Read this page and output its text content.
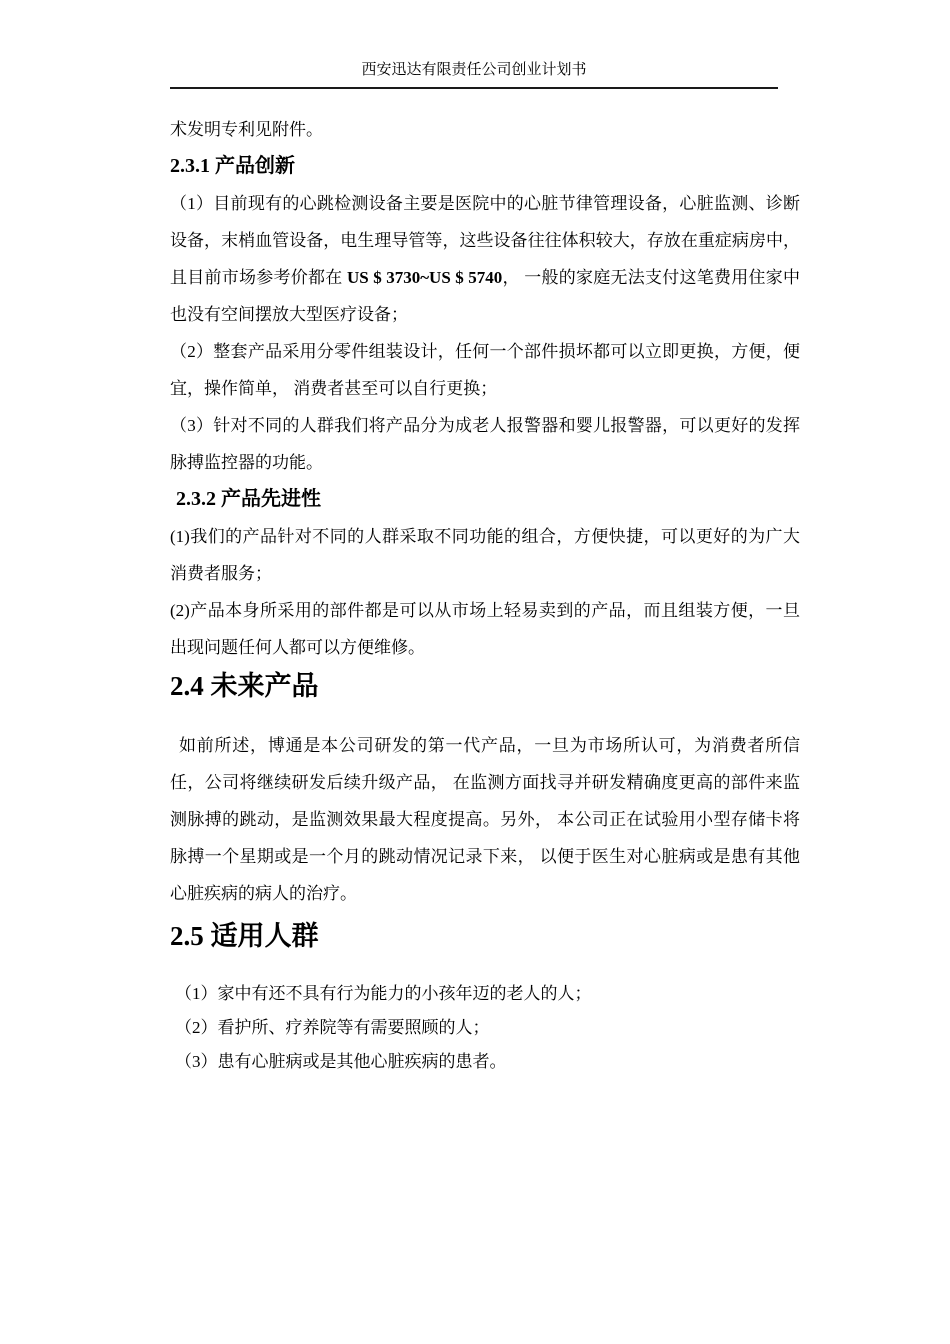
西安迅达有限责任公司创业计划书

术发明专利见附件。

2.3.1 产品创新

（1）目前现有的心跳检测设备主要是医院中的心脏节律管理设备，心脏监测、诊断设备，末梢血管设备，电生理导管等，这些设备往往体积较大，存放在重症病房中，且目前市场参考价都在 US $ 3730~US $ 5740， 一般的家庭无法支付这笔费用住家中也没有空间摆放大型医疗设备；

（2）整套产品采用分零件组装设计，任何一个部件损坏都可以立即更换，方便，便宜，操作简单， 消费者甚至可以自行更换；

（3）针对不同的人群我们将产品分为成老人报警器和婴儿报警器，可以更好的发挥脉搏监控器的功能。

2.3.2 产品先进性

(1)我们的产品针对不同的人群采取不同功能的组合，方便快捷，可以更好的为广大消费者服务；

(2)产品本身所采用的部件都是可以从市场上轻易卖到的产品，而且组装方便，一旦出现问题任何人都可以方便维修。

2.4 未来产品

如前所述，博通是本公司研发的第一代产品，一旦为市场所认可，为消费者所信任，公司将继续研发后续升级产品， 在监测方面找寻并研发精确度更高的部件来监测脉搏的跳动，是监测效果最大程度提高。另外， 本公司正在试验用小型存储卡将脉搏一个星期或是一个月的跳动情况记录下来， 以便于医生对心脏病或是患有其他心脏疾病的病人的治疗。

2.5 适用人群

（1）家中有还不具有行为能力的小孩年迈的老人的人；

（2）看护所、疗养院等有需要照顾的人；

（3）患有心脏病或是其他心脏疾病的患者。
